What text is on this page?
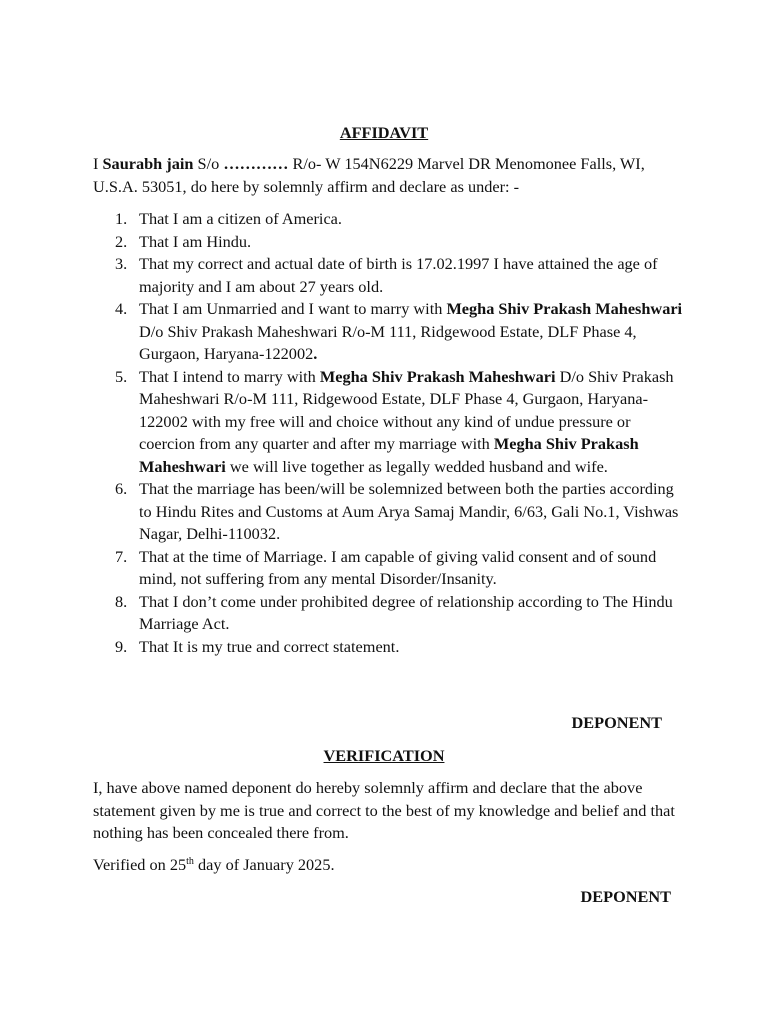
AFFIDAVIT

I Saurabh jain S/o ………… R/o- W 154N6229 Marvel DR Menomonee Falls, WI, U.S.A. 53051, do here by solemnly affirm and declare as under: -

1. That I am a citizen of America.
2. That I am Hindu.
3. That my correct and actual date of birth is 17.02.1997 I have attained the age of majority and I am about 27 years old.
4. That I am Unmarried and I want to marry with Megha Shiv Prakash Maheshwari D/o Shiv Prakash Maheshwari R/o-M 111, Ridgewood Estate, DLF Phase 4, Gurgaon, Haryana-122002.
5. That I intend to marry with Megha Shiv Prakash Maheshwari D/o Shiv Prakash Maheshwari R/o-M 111, Ridgewood Estate, DLF Phase 4, Gurgaon, Haryana-122002 with my free will and choice without any kind of undue pressure or coercion from any quarter and after my marriage with Megha Shiv Prakash Maheshwari we will live together as legally wedded husband and wife.
6. That the marriage has been/will be solemnized between both the parties according to Hindu Rites and Customs at Aum Arya Samaj Mandir, 6/63, Gali No.1, Vishwas Nagar, Delhi-110032.
7. That at the time of Marriage. I am capable of giving valid consent and of sound mind, not suffering from any mental Disorder/Insanity.
8. That I don’t come under prohibited degree of relationship according to The Hindu Marriage Act.
9. That It is my true and correct statement.
DEPONENT
VERIFICATION

I, have above named deponent do hereby solemnly affirm and declare that the above statement given by me is true and correct to the best of my knowledge and belief and that nothing has been concealed there from.

Verified on 25th day of January 2025.

DEPONENT
